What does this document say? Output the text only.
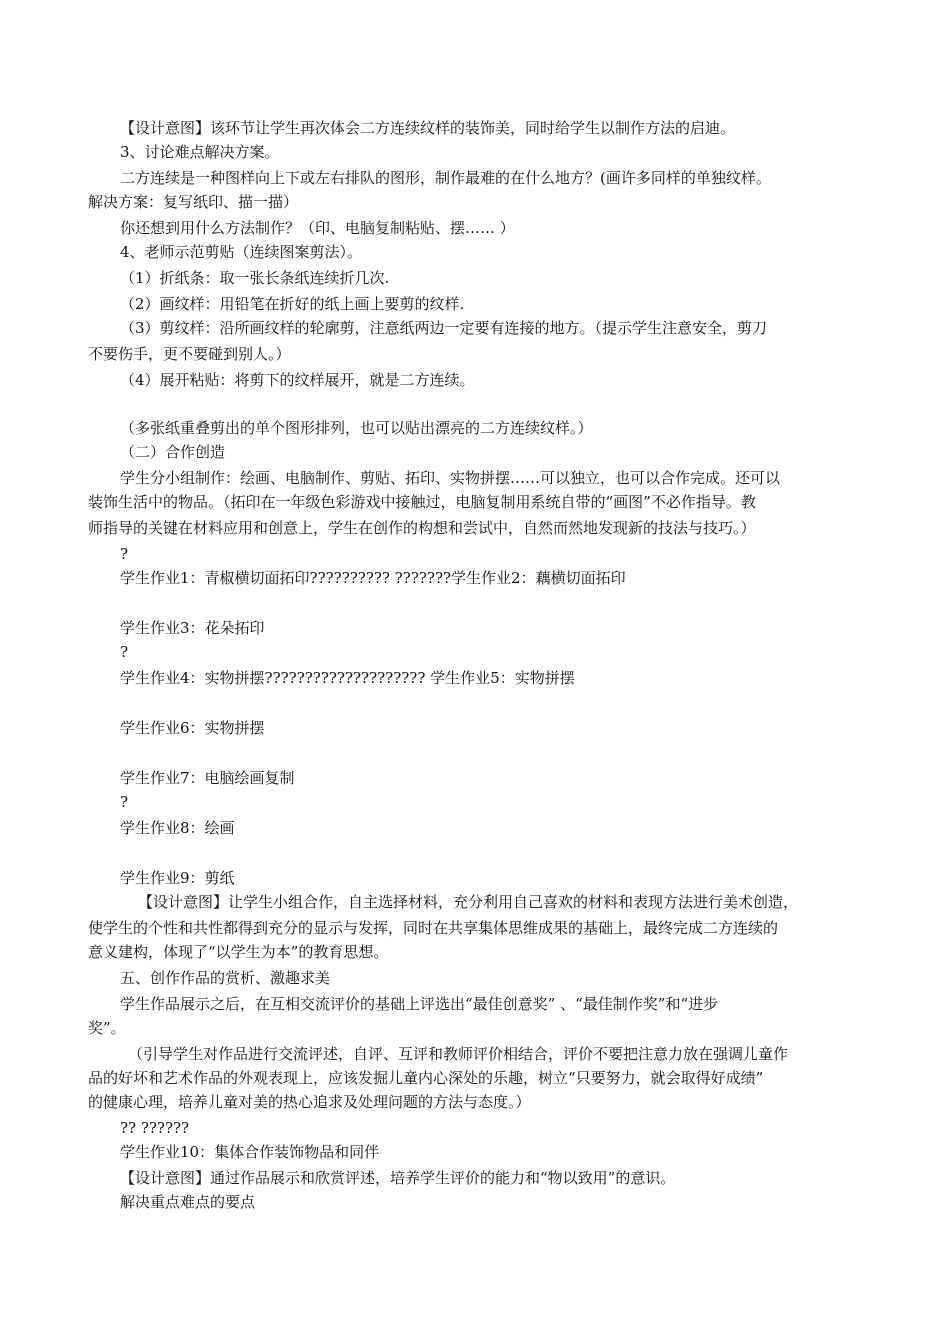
【设计意图】该环节让学生再次体会二方连续纹样的装饰美，同时给学生以制作方法的启迪。
3、讨论难点解决方案。
二方连续是一种图样向上下或左右排队的图形，制作最难的在什么地方？(画许多同样的单独纹样。
解决方案：复写纸印、描一描）
你还想到用什么方法制作？（印、电脑复制粘贴、摆…… ）
4、老师示范剪贴（连续图案剪法）。
（1）折纸条：取一张长条纸连续折几次.
（2）画纹样：用铅笔在折好的纸上画上要剪的纹样.
（3）剪纹样：沿所画纹样的轮廓剪，注意纸两边一定要有连接的地方。（提示学生注意安全，剪刀
不要伤手，更不要碰到别人。）
（4）展开粘贴：将剪下的纹样展开，就是二方连续。
（多张纸重叠剪出的单个图形排列，也可以贴出漂亮的二方连续纹样。）
（二）合作创造
学生分小组制作：绘画、电脑制作、剪贴、拓印、实物拼摆……可以独立，也可以合作完成。还可以
装饰生活中的物品。（拓印在一年级色彩游戏中接触过，电脑复制用系统自带的“画图”不必作指导。教
师指导的关键在材料应用和创意上，学生在创作的构想和尝试中，自然而然地发现新的技法与技巧。）
?
学生作业1：青椒横切面拓印?????????? ???????学生作业2：藕横切面拓印
学生作业3：花朵拓印
?
学生作业4：实物拼摆???????????????????? 学生作业5：实物拼摆
学生作业6：实物拼摆
学生作业7：电脑绘画复制
?
学生作业8：绘画
学生作业9：剪纸
【设计意图】让学生小组合作，自主选择材料，充分利用自己喜欢的材料和表现方法进行美术创造，
使学生的个性和共性都得到充分的显示与发挥，同时在共享集体思维成果的基础上，最终完成二方连续的
意义建构，体现了“以学生为本”的教育思想。
五、创作作品的赏析、激趣求美
学生作品展示之后，在互相交流评价的基础上评选出“最佳创意奖” 、“最佳制作奖”和“进步
奖”。
（引导学生对作品进行交流评述，自评、互评和教师评价相结合，评价不要把注意力放在强调儿童作
品的好坏和艺术作品的外观表现上，应该发掘儿童内心深处的乐趣，树立“只要努力，就会取得好成绩”
的健康心理，培养儿童对美的热心追求及处理问题的方法与态度。）
?? ??????
学生作业10：集体合作装饰物品和同伴
【设计意图】通过作品展示和欣赏评述，培养学生评价的能力和“物以致用”的意识。
解决重点难点的要点
